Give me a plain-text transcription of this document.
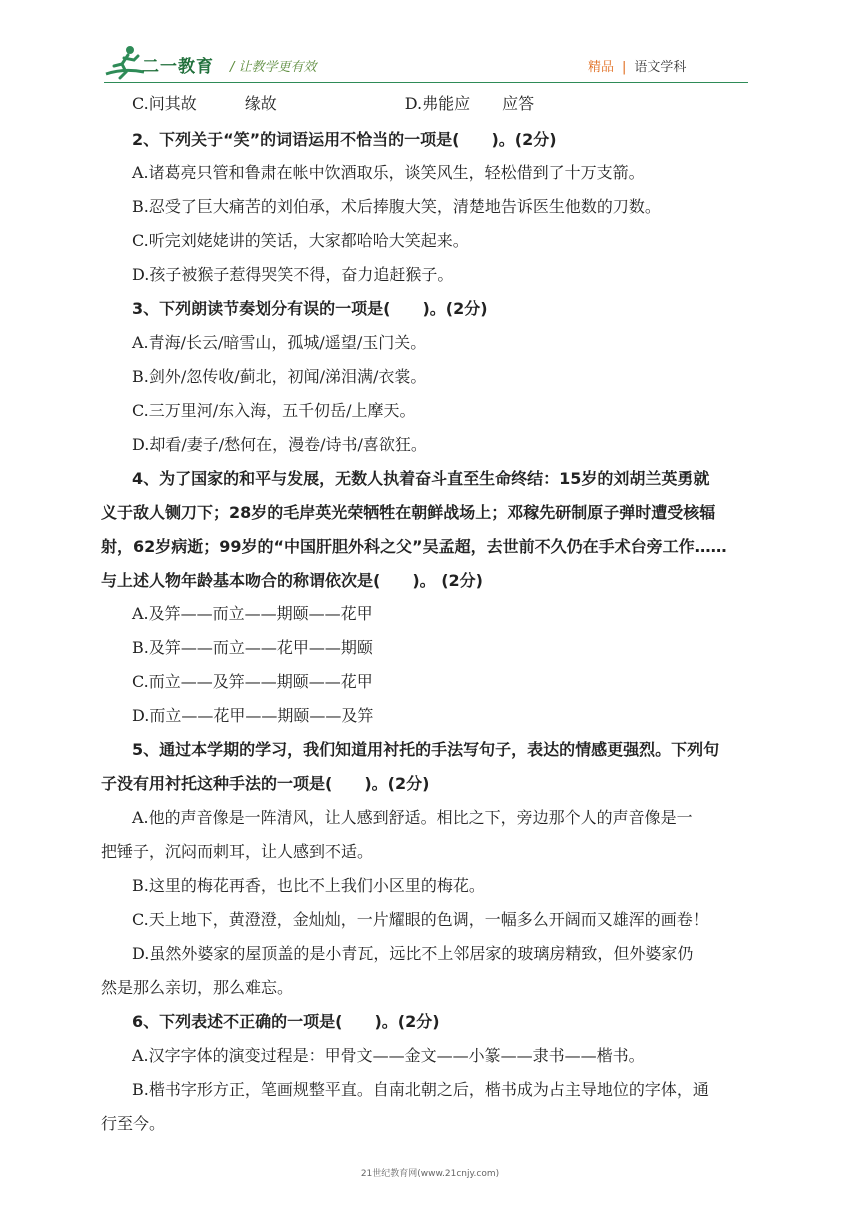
二一教育 / 让教学更有效	精品 | 语文学科
C.问其故　　　缘故　　　　　　　　D.弗能应　　应答
2、下列关于“笑”的词语运用不恰当的一项是(　　)。(2分)
A.诸葛亮只管和鲁肃在帐中饮酒取乐，谈笑风生，轻松借到了十万支箭。
B.忍受了巨大痛苦的刘伯承，术后捧腹大笑，清楚地告诉医生他数的刀数。
C.听完刘姥姥讲的笑话，大家都哈哈大笑起来。
D.孩子被猴子惹得哭笑不得，奋力追赶猴子。
3、下列朗读节奏划分有误的一项是(　　)。(2分)
A.青海/长云/暗雪山，孤城/遥望/玉门关。
B.剑外/忽传收/蓟北，初闻/涕泪满/衣裳。
C.三万里河/东入海，五千仞岳/上摩天。
D.却看/妻子/愁何在，漫卷/诗书/喜欲狂。
4、为了国家的和平与发展，无数人执着奋斗直至生命终结：15岁的刘胡兰英勇就
义于敌人铡刀下；28岁的毛岸英光荣牺牲在朝鲜战场上；邓稼先研制原子弹时遭受核辐
射，62岁病逝；99岁的“中国肝胆外科之父”吴孟超，去世前不久仍在手术台旁工作……
与上述人物年龄基本吻合的称谓依次是(　　)。 (2分)
A.及笄——而立——期颐——花甲
B.及笄——而立——花甲——期颐
C.而立——及笄——期颐——花甲
D.而立——花甲——期颐——及笄
5、通过本学期的学习，我们知道用衬托的手法写句子，表达的情感更强烈。下列句
子没有用衬托这种手法的一项是(　　)。(2分)
A.他的声音像是一阵清风，让人感到舒适。相比之下，旁边那个人的声音像是一
把锤子，沉闷而刺耳，让人感到不适。
B.这里的梅花再香，也比不上我们小区里的梅花。
C.天上地下，黄澄澄，金灿灿，一片耀眼的色调，一幅多么开阔而又雄浑的画卷！
D.虽然外婆家的屋顶盖的是小青瓦，远比不上邻居家的玻璃房精致，但外婆家仍
然是那么亲切，那么难忘。
6、下列表述不正确的一项是(　　)。(2分)
A.汉字字体的演变过程是：甲骨文——金文——小篆——隶书——楷书。
B.楷书字形方正，笔画规整平直。自南北朝之后，楷书成为占主导地位的字体，通
行至今。
21世纪教育网(www.21cnjy.com)
